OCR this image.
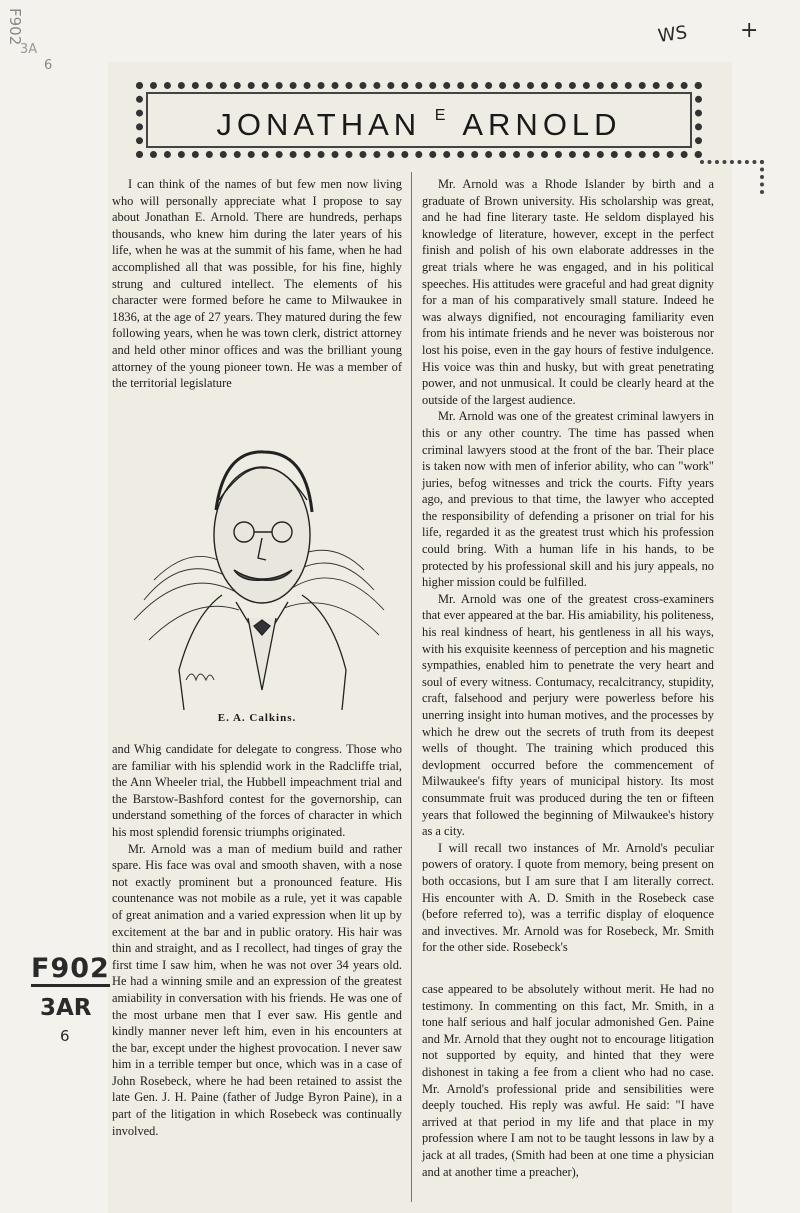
F902
3A
6
WS +
F902
3AR
6
JONATHAN $^E$ ARNOLD

I can think of the names of but few men now living who will personally appreciate what I propose to say about Jonathan E. Arnold. There are hundreds, perhaps thousands, who knew him during the later years of his life, when he was at the summit of his fame, when he had accomplished all that was possible, for his fine, highly strung and cultured intellect. The elements of his character were formed before he came to Milwaukee in 1836, at the age of 27 years. They matured during the few following years, when he was town clerk, district attorney and held other minor offices and was the brilliant young attorney of the young pioneer town. He was a member of the territorial legislature

E. A. Calkins.

and Whig candidate for delegate to congress. Those who are familiar with his splendid work in the Radcliffe trial, the Ann Wheeler trial, the Hubbell impeachment trial and the Barstow-Bashford contest for the governorship, can understand something of the forces of character in which his most splendid forensic triumphs originated.

Mr. Arnold was a man of medium build and rather spare. His face was oval and smooth shaven, with a nose not exactly prominent but a pronounced feature. His countenance was not mobile as a rule, yet it was capable of great animation and a varied expression when lit up by excitement at the bar and in public oratory. His hair was thin and straight, and as I recollect, had tinges of gray the first time I saw him, when he was not over 34 years old. He had a winning smile and an expression of the greatest amiability in conversation with his friends. He was one of the most urbane men that I ever saw. His gentle and kindly manner never left him, even in his encounters at the bar, except under the highest provocation. I never saw him in a terrible temper but once, which was in a case of John Rosebeck, where he had been retained to assist the late Gen. J. H. Paine (father of Judge Byron Paine), in a part of the litigation in which Rosebeck was continually involved.

Mr. Arnold was a Rhode Islander by birth and a graduate of Brown university. His scholarship was great, and he had fine literary taste. He seldom displayed his knowledge of literature, however, except in the perfect finish and polish of his own elaborate addresses in the great trials where he was engaged, and in his political speeches. His attitudes were graceful and had great dignity for a man of his comparatively small stature. Indeed he was always dignified, not encouraging familiarity even from his intimate friends and he never was boisterous nor lost his poise, even in the gay hours of festive indulgence. His voice was thin and husky, but with great penetrating power, and not unmusical. It could be clearly heard at the outside of the largest audience.

Mr. Arnold was one of the greatest criminal lawyers in this or any other country. The time has passed when criminal lawyers stood at the front of the bar. Their place is taken now with men of inferior ability, who can "work" juries, befog witnesses and trick the courts. Fifty years ago, and previous to that time, the lawyer who accepted the responsibility of defending a prisoner on trial for his life, regarded it as the greatest trust which his profession could bring. With a human life in his hands, to be protected by his professional skill and his jury appeals, no higher mission could be fulfilled.

Mr. Arnold was one of the greatest cross-examiners that ever appeared at the bar. His amiability, his politeness, his real kindness of heart, his gentleness in all his ways, with his exquisite keenness of perception and his magnetic sympathies, enabled him to penetrate the very heart and soul of every witness. Contumacy, recalcitrancy, stupidity, craft, falsehood and perjury were powerless before his unerring insight into human motives, and the processes by which he drew out the secrets of truth from its deepest wells of thought. The training which produced this devlopment occurred before the commencement of Milwaukee's fifty years of municipal history. Its most consummate fruit was produced during the ten or fifteen years that followed the beginning of Milwaukee's history as a city.

I will recall two instances of Mr. Arnold's peculiar powers of oratory. I quote from memory, being present on both occasions, but I am sure that I am literally correct. His encounter with A. D. Smith in the Rosebeck case (before referred to), was a terrific display of eloquence and invectives. Mr. Arnold was for Rosebeck, Mr. Smith for the other side. Rosebeck's

case appeared to be absolutely without merit. He had no testimony. In commenting on this fact, Mr. Smith, in a tone half serious and half jocular admonished Gen. Paine and Mr. Arnold that they ought not to encourage litigation not supported by equity, and hinted that they were dishonest in taking a fee from a client who had no case. Mr. Arnold's professional pride and sensibilities were deeply touched. His reply was awful. He said: "I have arrived at that period in my life and that place in my profession where I am not to be taught lessons in law by a jack at all trades, (Smith had been at one time a physician and at another time a preacher),
